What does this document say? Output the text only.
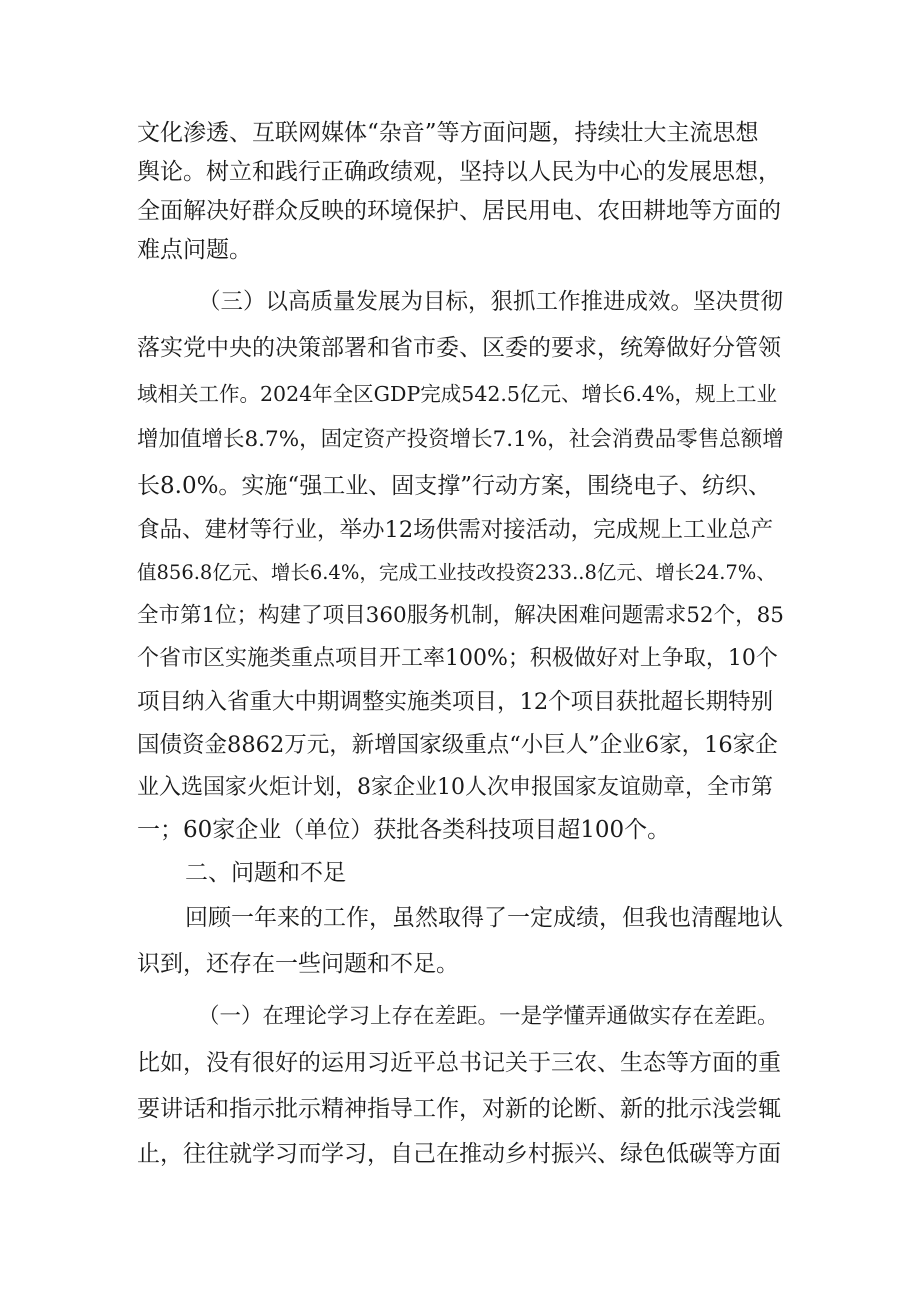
文化渗透、互联网媒体“杂音”等方面问题，持续壮大主流思想
舆论。树立和践行正确政绩观，坚持以人民为中心的发展思想，
全面解决好群众反映的环境保护、居民用电、农田耕地等方面的
难点问题。
（三）以高质量发展为目标，狠抓工作推进成效。坚决贯彻
落实党中央的决策部署和省市委、区委的要求，统筹做好分管领
域相关工作。2024年全区GDP完成542.5亿元、增长6.4%，规上工业
增加值增长8.7%，固定资产投资增长7.1%，社会消费品零售总额增
长8.0%。实施“强工业、固支撑”行动方案，围绕电子、纺织、
食品、建材等行业，举办12场供需对接活动，完成规上工业总产
值856.8亿元、增长6.4%，完成工业技改投资233..8亿元、增长24.7%、
全市第1位；构建了项目360服务机制，解决困难问题需求52个，85
个省市区实施类重点项目开工率100%；积极做好对上争取，10个
项目纳入省重大中期调整实施类项目，12个项目获批超长期特别
国债资金8862万元，新增国家级重点“小巨人”企业6家，16家企
业入选国家火炬计划，8家企业10人次申报国家友谊勋章，全市第
一；60家企业（单位）获批各类科技项目超100个。
二、问题和不足
回顾一年来的工作，虽然取得了一定成绩，但我也清醒地认
识到，还存在一些问题和不足。
（一）在理论学习上存在差距。一是学懂弄通做实存在差距。
比如，没有很好的运用习近平总书记关于三农、生态等方面的重
要讲话和指示批示精神指导工作，对新的论断、新的批示浅尝辄
止，往往就学习而学习，自己在推动乡村振兴、绿色低碳等方面
